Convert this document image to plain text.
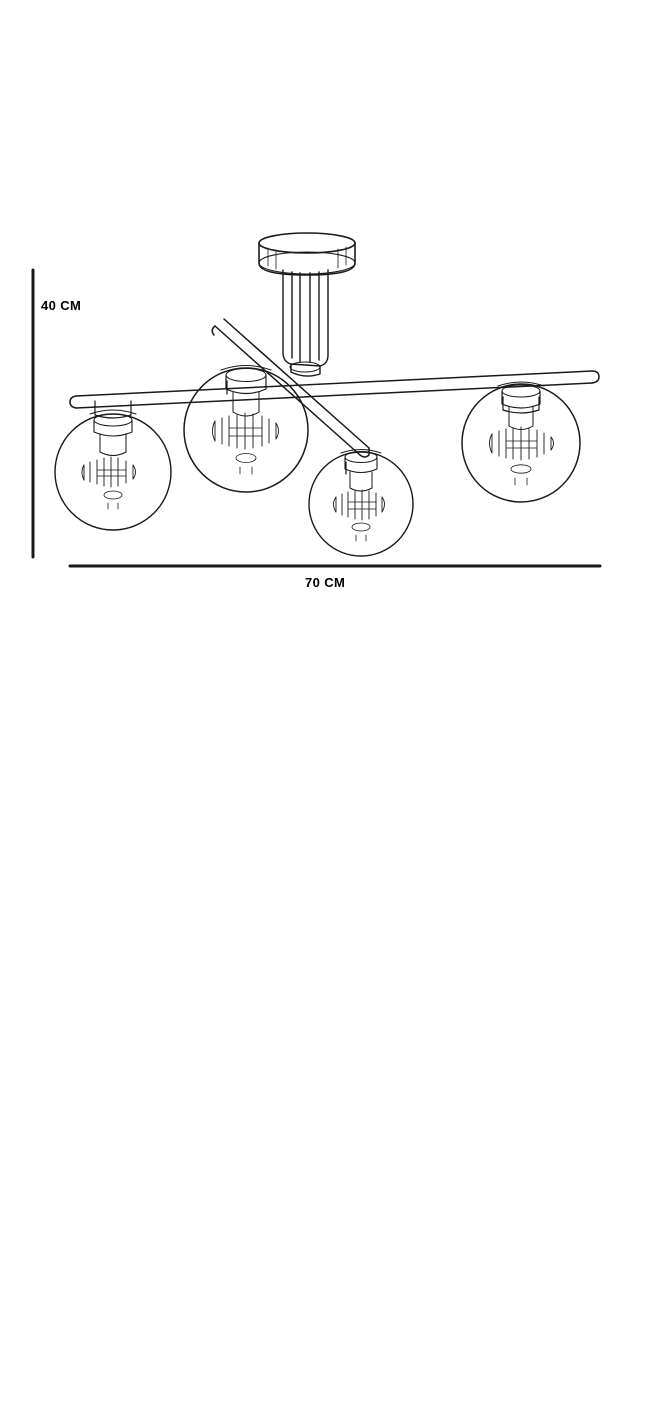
40 CM
70 CM
